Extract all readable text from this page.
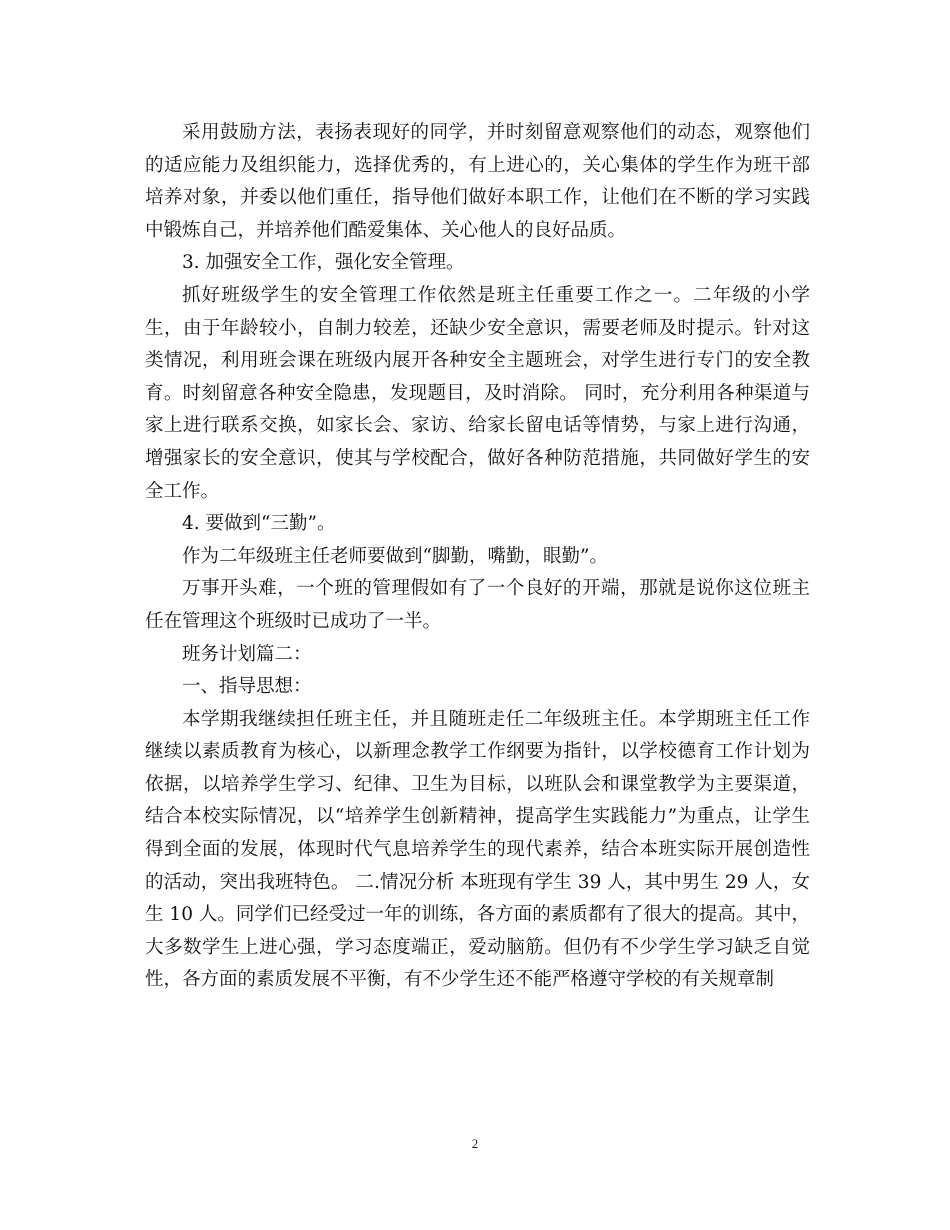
采用鼓励方法，表扬表现好的同学，并时刻留意观察他们的动态，观察他们的适应能力及组织能力，选择优秀的，有上进心的，关心集体的学生作为班干部培养对象，并委以他们重任，指导他们做好本职工作，让他们在不断的学习实践中锻炼自己，并培养他们酷爱集体、关心他人的良好品质。

3. 加强安全工作，强化安全管理。

抓好班级学生的安全管理工作依然是班主任重要工作之一。二年级的小学生，由于年龄较小，自制力较差，还缺少安全意识，需要老师及时提示。针对这类情况，利用班会课在班级内展开各种安全主题班会，对学生进行专门的安全教育。时刻留意各种安全隐患，发现题目，及时消除。 同时，充分利用各种渠道与家上进行联系交换，如家长会、家访、给家长留电话等情势，与家上进行沟通，增强家长的安全意识，使其与学校配合，做好各种防范措施，共同做好学生的安全工作。

4. 要做到“三勤”。

作为二年级班主任老师要做到“脚勤，嘴勤，眼勤”。

万事开头难，一个班的管理假如有了一个良好的开端，那就是说你这位班主任在管理这个班级时已成功了一半。

班务计划篇二：

一、指导思想：

本学期我继续担任班主任，并且随班走任二年级班主任。本学期班主任工作继续以素质教育为核心，以新理念教学工作纲要为指针，以学校德育工作计划为依据，以培养学生学习、纪律、卫生为目标，以班队会和课堂教学为主要渠道，结合本校实际情况，以“培养学生创新精神，提高学生实践能力”为重点，让学生得到全面的发展，体现时代气息培养学生的现代素养，结合本班实际开展创造性的活动，突出我班特色。 二.情况分析 本班现有学生 39 人，其中男生 29 人，女生 10 人。同学们已经受过一年的训练，各方面的素质都有了很大的提高。其中，大多数学生上进心强，学习态度端正，爱动脑筋。但仍有不少学生学习缺乏自觉性，各方面的素质发展不平衡，有不少学生还不能严格遵守学校的有关规章制

2
